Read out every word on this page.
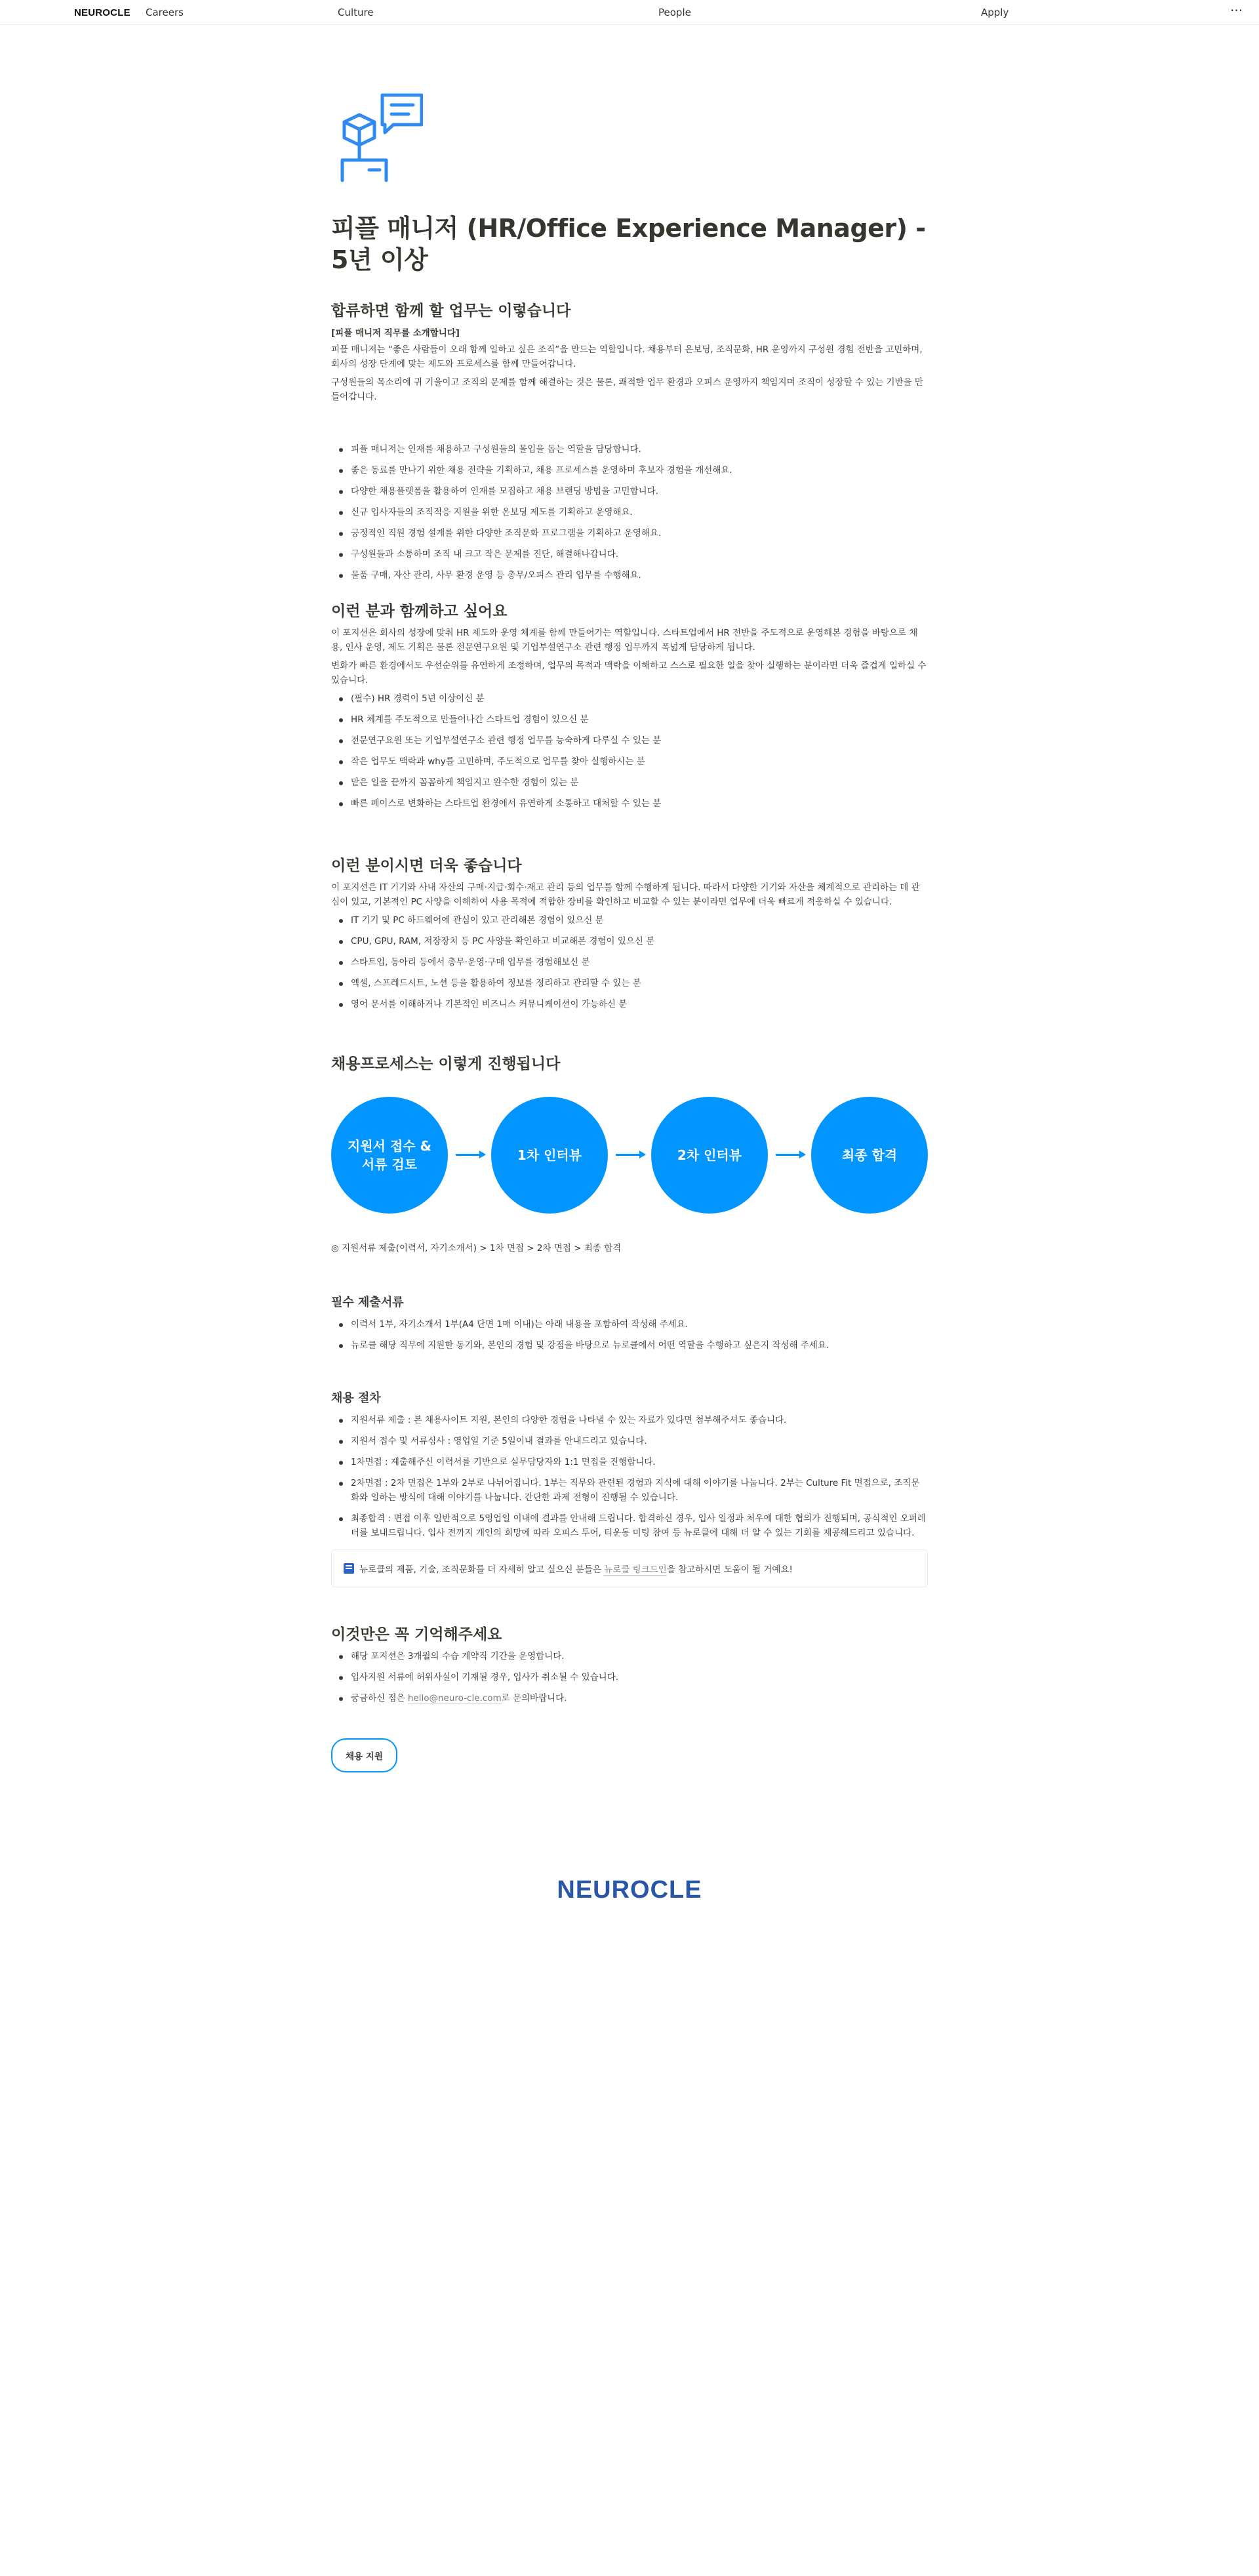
NEUROCLE Careers	Culture	People	Apply	···
피플 매니저 (HR/Office Experience Manager) - 5년 이상
합류하면 함께 할 업무는 이렇습니다
[피플 매니저 직무를 소개합니다]

피플 매니저는 “좋은 사람들이 오래 함께 일하고 싶은 조직”을 만드는 역할입니다. 채용부터 온보딩, 조직문화, HR 운영까지 구성원 경험 전반을 고민하며, 회사의 성장 단계에 맞는 제도와 프로세스를 함께 만들어갑니다.

구성원들의 목소리에 귀 기울이고 조직의 문제를 함께 해결하는 것은 물론, 쾌적한 업무 환경과 오피스 운영까지 책임지며 조직이 성장할 수 있는 기반을 만들어갑니다.

피플 매니저는 인재를 채용하고 구성원들의 몰입을 돕는 역할을 담당합니다.
좋은 동료를 만나기 위한 채용 전략을 기획하고, 채용 프로세스를 운영하며 후보자 경험을 개선해요.
다양한 채용플랫폼을 활용하여 인재를 모집하고 채용 브랜딩 방법을 고민합니다.
신규 입사자들의 조직적응 지원을 위한 온보딩 제도를 기획하고 운영해요.
긍정적인 직원 경험 설계를 위한 다양한 조직문화 프로그램을 기획하고 운영해요.
구성원들과 소통하며 조직 내 크고 작은 문제를 진단, 해결해나갑니다.
물품 구매, 자산 관리, 사무 환경 운영 등 총무/오피스 관리 업무를 수행해요.
이런 분과 함께하고 싶어요

이 포지션은 회사의 성장에 맞춰 HR 제도와 운영 체계를 함께 만들어가는 역할입니다. 스타트업에서 HR 전반을 주도적으로 운영해본 경험을 바탕으로 채용, 인사 운영, 제도 기획은 물론 전문연구요원 및 기업부설연구소 관련 행정 업무까지 폭넓게 담당하게 됩니다.

변화가 빠른 환경에서도 우선순위를 유연하게 조정하며, 업무의 목적과 맥락을 이해하고 스스로 필요한 일을 찾아 실행하는 분이라면 더욱 즐겁게 일하실 수 있습니다.

(필수) HR 경력이 5년 이상이신 분
HR 체계를 주도적으로 만들어나간 스타트업 경험이 있으신 분
전문연구요원 또는 기업부설연구소 관련 행정 업무를 능숙하게 다루실 수 있는 분
작은 업무도 맥락과 why를 고민하며, 주도적으로 업무를 찾아 실행하시는 분
맡은 일을 끝까지 꼼꼼하게 책임지고 완수한 경험이 있는 분
빠른 페이스로 변화하는 스타트업 환경에서 유연하게 소통하고 대처할 수 있는 분
이런 분이시면 더욱 좋습니다

이 포지션은 IT 기기와 사내 자산의 구매·지급·회수·재고 관리 등의 업무를 함께 수행하게 됩니다. 따라서 다양한 기기와 자산을 체계적으로 관리하는 데 관심이 있고, 기본적인 PC 사양을 이해하여 사용 목적에 적합한 장비를 확인하고 비교할 수 있는 분이라면 업무에 더욱 빠르게 적응하실 수 있습니다.

IT 기기 및 PC 하드웨어에 관심이 있고 관리해본 경험이 있으신 분
CPU, GPU, RAM, 저장장치 등 PC 사양을 확인하고 비교해본 경험이 있으신 분
스타트업, 동아리 등에서 총무·운영·구매 업무를 경험해보신 분
엑셀, 스프레드시트, 노션 등을 활용하여 정보를 정리하고 관리할 수 있는 분
영어 문서를 이해하거나 기본적인 비즈니스 커뮤니케이션이 가능하신 분
채용프로세스는 이렇게 진행됩니다
지원서 접수 &
서류 검토
1차 인터뷰	2차 인터뷰	최종 합격

◎ 지원서류 제출(이력서, 자기소개서) > 1차 면접 > 2차 면접 > 최종 합격

필수 제출서류
이력서 1부, 자기소개서 1부(A4 단면 1매 이내)는 아래 내용을 포함하여 작성해 주세요.
뉴로클 해당 직무에 지원한 동기와, 본인의 경험 및 강점을 바탕으로 뉴로클에서 어떤 역할을 수행하고 싶은지 작성해 주세요.
채용 절차
지원서류 제출 : 본 채용사이트 지원, 본인의 다양한 경험을 나타낼 수 있는 자료가 있다면 첨부해주셔도 좋습니다.
지원서 접수 및 서류심사 : 영업일 기준 5일이내 결과를 안내드리고 있습니다.
1차면접 : 제출해주신 이력서를 기반으로 실무담당자와 1:1 면접을 진행합니다.
2차면접 : 2차 면접은 1부와 2부로 나뉘어집니다. 1부는 직무와 관련된 경험과 지식에 대해 이야기를 나눕니다. 2부는 Culture Fit 면접으로, 조직문화와 일하는 방식에 대해 이야기를 나눕니다. 간단한 과제 전형이 진행될 수 있습니다.
최종합격 : 면접 이후 일반적으로 5영업일 이내에 결과를 안내해 드립니다. 합격하신 경우, 입사 일정과 처우에 대한 협의가 진행되며, 공식적인 오퍼레터를 보내드립니다. 입사 전까지 개인의 희망에 따라 오피스 투어, 티운동 미팅 참여 등 뉴로클에 대해 더 알 수 있는 기회를 제공해드리고 있습니다.
뉴로클의 제품, 기술, 조직문화를 더 자세히 알고 싶으신 분들은 뉴로클 링크드인을 참고하시면 도움이 될 거예요!
이것만은 꼭 기억해주세요
해당 포지션은 3개월의 수습 계약직 기간을 운영합니다.
입사지원 서류에 허위사실이 기재될 경우, 입사가 취소될 수 있습니다.
궁금하신 점은 hello@neuro-cle.com로 문의바랍니다.
채용 지원
NEUROCLE
